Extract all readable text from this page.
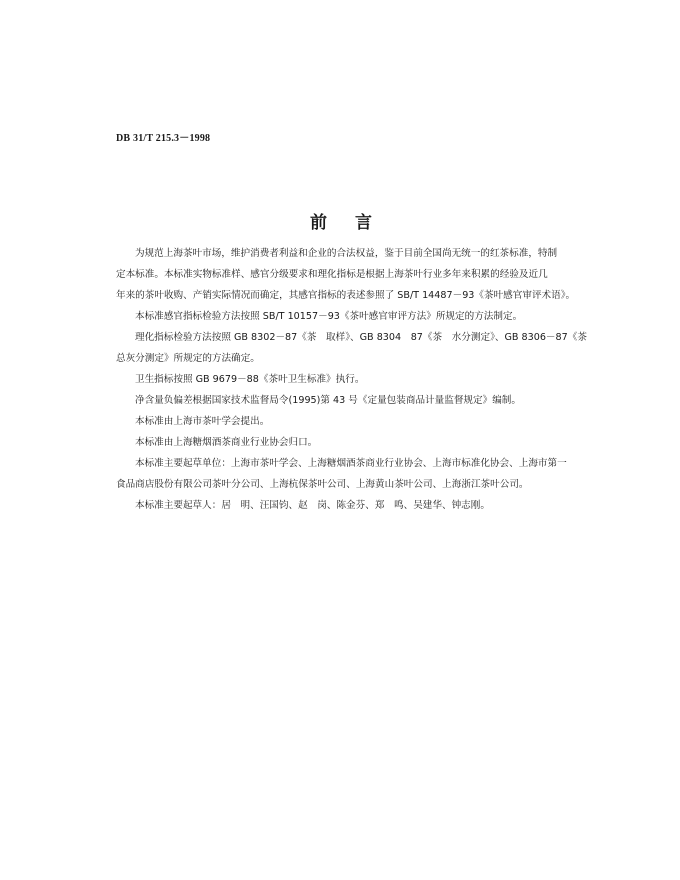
DB 31/T 215.3－1998
前言

为规范上海茶叶市场，维护消费者利益和企业的合法权益，鉴于目前全国尚无统一的红茶标准，特制

定本标准。本标准实物标准样、感官分级要求和理化指标是根据上海茶叶行业多年来积累的经验及近几

年来的茶叶收购、产销实际情况而确定，其感官指标的表述参照了 SB/T 14487－93《茶叶感官审评术语》。

本标准感官指标检验方法按照 SB/T 10157－93《茶叶感官审评方法》所规定的方法制定。

理化指标检验方法按照 GB 8302－87《茶　取样》、GB 8304　87《茶　水分测定》、GB 8306－87《茶

总灰分测定》所规定的方法确定。

卫生指标按照 GB 9679－88《茶叶卫生标准》执行。

净含量负偏差根据国家技术监督局令(1995)第 43 号《定量包装商品计量监督规定》编制。

本标准由上海市茶叶学会提出。

本标准由上海糖烟酒茶商业行业协会归口。

本标准主要起草单位：上海市茶叶学会、上海糖烟酒茶商业行业协会、上海市标准化协会、上海市第一

食品商店股份有限公司茶叶分公司、上海杭保茶叶公司、上海黄山茶叶公司、上海浙江茶叶公司。

本标准主要起草人：居　明、汪国钧、赵　岗、陈金芬、郑　鸣、吴建华、钟志刚。
